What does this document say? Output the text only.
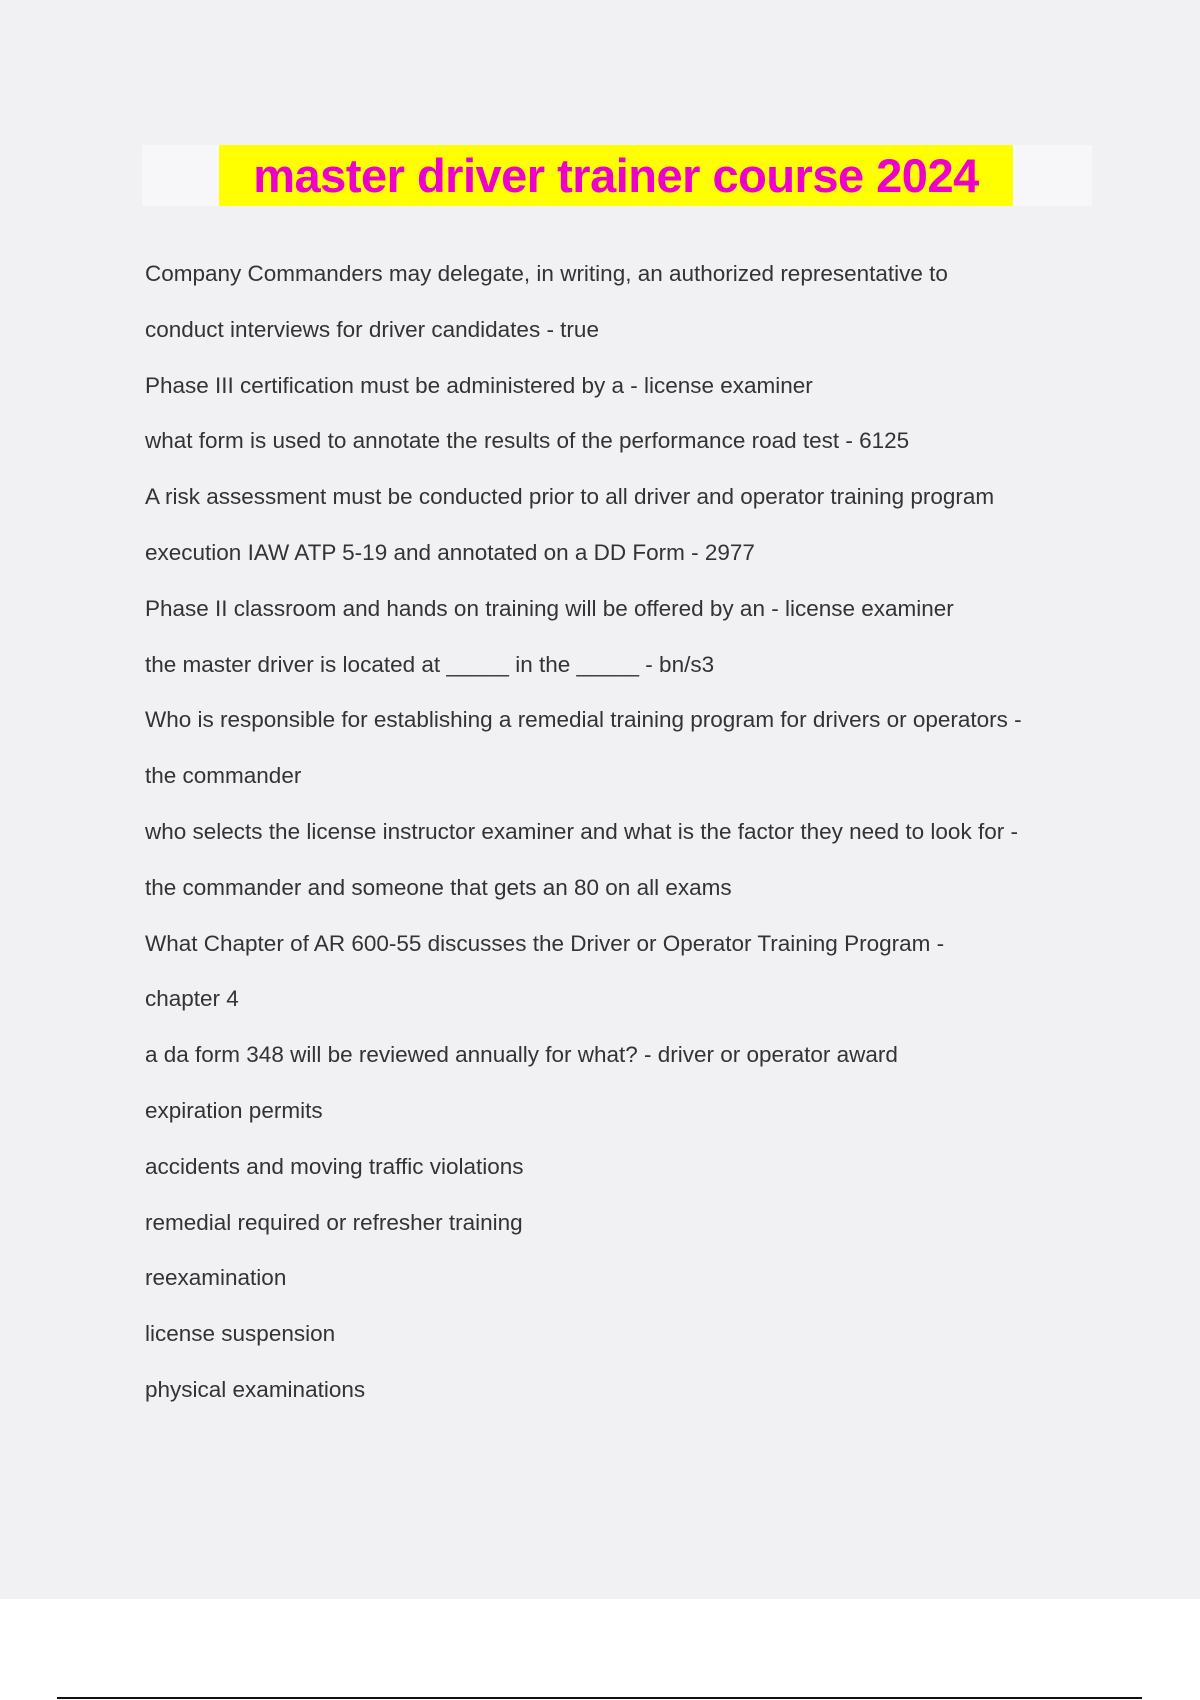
master driver trainer course 2024
Company Commanders may delegate, in writing, an authorized representative to
conduct interviews for driver candidates - true
Phase III certification must be administered by a - license examiner
what form is used to annotate the results of the performance road test - 6125
A risk assessment must be conducted prior to all driver and operator training program
execution IAW ATP 5-19 and annotated on a DD Form - 2977
Phase II classroom and hands on training will be offered by an - license examiner
the master driver is located at _____ in the _____ - bn/s3
Who is responsible for establishing a remedial training program for drivers or operators -
the commander
who selects the license instructor examiner and what is the factor they need to look for -
the commander and someone that gets an 80 on all exams
What Chapter of AR 600-55 discusses the Driver or Operator Training Program -
chapter 4
a da form 348 will be reviewed annually for what? - driver or operator award
expiration permits
accidents and moving traffic violations
remedial required or refresher training
reexamination
license suspension
physical examinations
